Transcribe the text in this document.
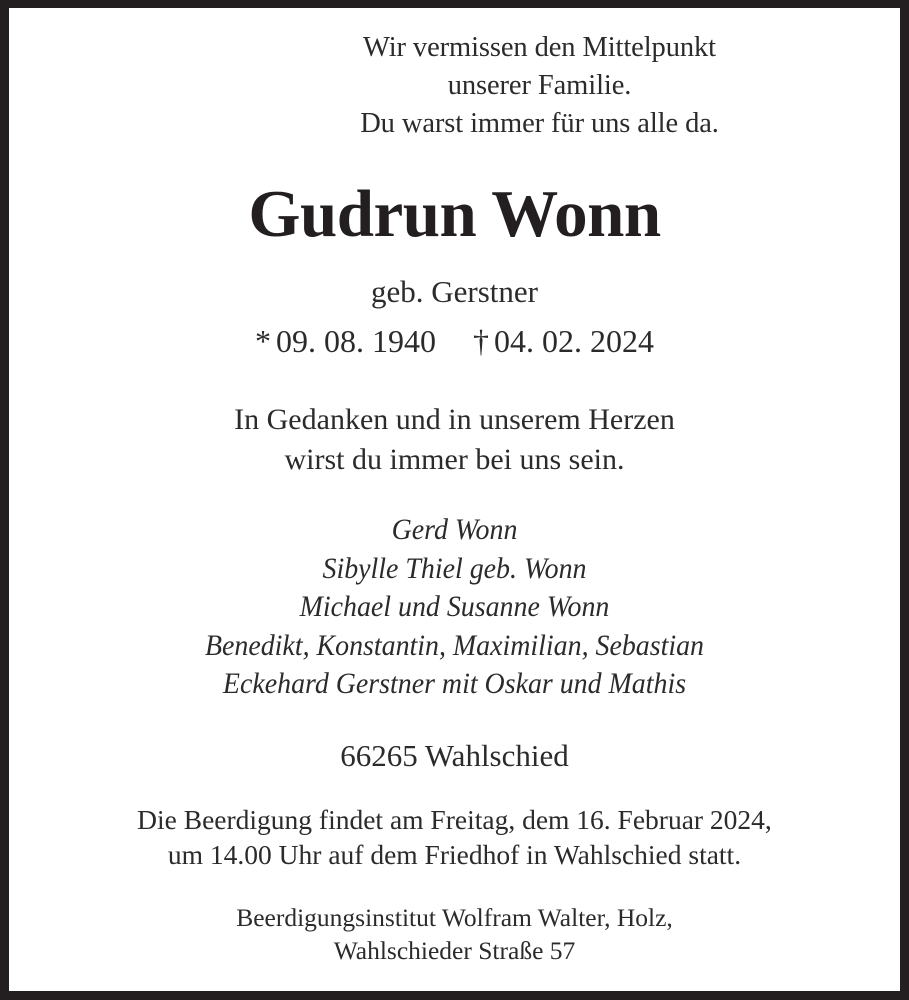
Wir vermissen den Mittelpunkt
unserer Familie.
Du warst immer für uns alle da.
Gudrun Wonn
geb. Gerstner
* 09. 08. 1940 † 04. 02. 2024
In Gedanken und in unserem Herzen
wirst du immer bei uns sein.
Gerd Wonn
Sibylle Thiel geb. Wonn
Michael und Susanne Wonn
Benedikt, Konstantin, Maximilian, Sebastian
Eckehard Gerstner mit Oskar und Mathis
66265 Wahlschied
Die Beerdigung findet am Freitag, dem 16. Februar 2024,
um 14.00 Uhr auf dem Friedhof in Wahlschied statt.
Beerdigungsinstitut Wolfram Walter, Holz,
Wahlschieder Straße 57
